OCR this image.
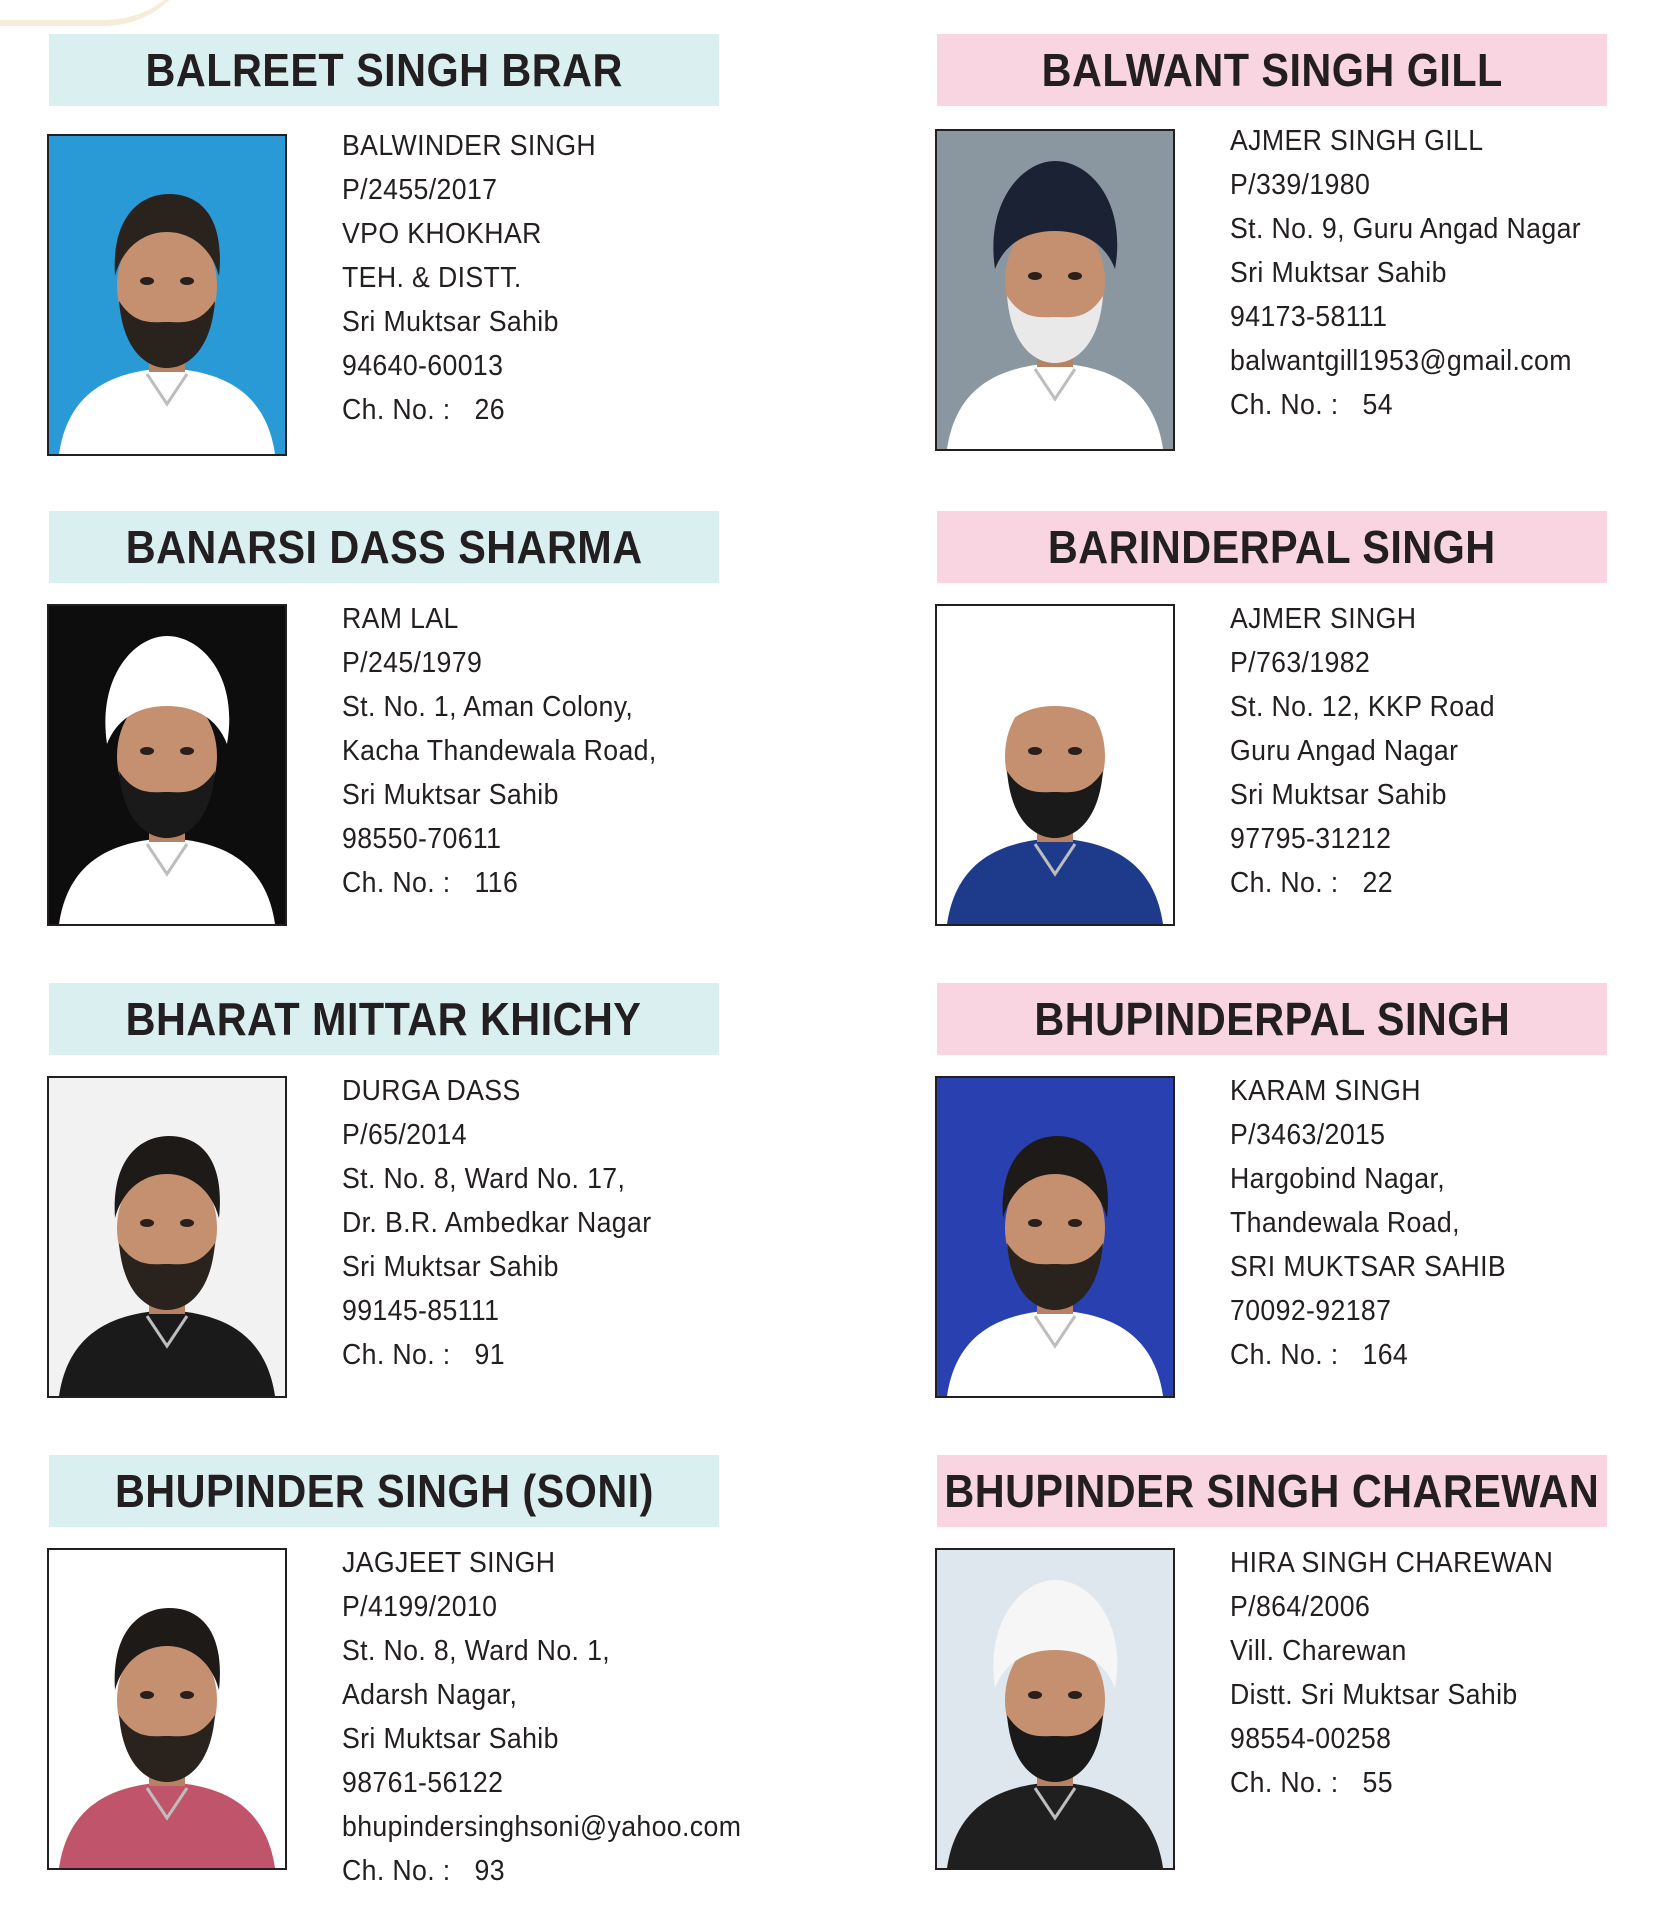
BALREET SINGH BRAR
BALWINDER SINGH
P/2455/2017
VPO KHOKHAR
TEH. & DISTT.
Sri Muktsar Sahib
94640-60013
Ch. No. : 26
BALWANT SINGH GILL
AJMER SINGH GILL
P/339/1980
St. No. 9, Guru Angad Nagar
Sri Muktsar Sahib
94173-58111
balwantgill1953@gmail.com
Ch. No. : 54
BANARSI DASS SHARMA
RAM LAL
P/245/1979
St. No. 1, Aman Colony,
Kacha Thandewala Road,
Sri Muktsar Sahib
98550-70611
Ch. No. : 116
BARINDERPAL SINGH
AJMER SINGH
P/763/1982
St. No. 12, KKP Road
Guru Angad Nagar
Sri Muktsar Sahib
97795-31212
Ch. No. : 22
BHARAT MITTAR KHICHY
DURGA DASS
P/65/2014
St. No. 8, Ward No. 17,
Dr. B.R. Ambedkar Nagar
Sri Muktsar Sahib
99145-85111
Ch. No. : 91
BHUPINDERPAL SINGH
KARAM SINGH
P/3463/2015
Hargobind Nagar,
Thandewala Road,
SRI MUKTSAR SAHIB
70092-92187
Ch. No. : 164
BHUPINDER SINGH (SONI)
JAGJEET SINGH
P/4199/2010
St. No. 8, Ward No. 1,
Adarsh Nagar,
Sri Muktsar Sahib
98761-56122
bhupindersinghsoni@yahoo.com
Ch. No. : 93
BHUPINDER SINGH CHAREWAN
HIRA SINGH CHAREWAN
P/864/2006
Vill. Charewan
Distt. Sri Muktsar Sahib
98554-00258
Ch. No. : 55
